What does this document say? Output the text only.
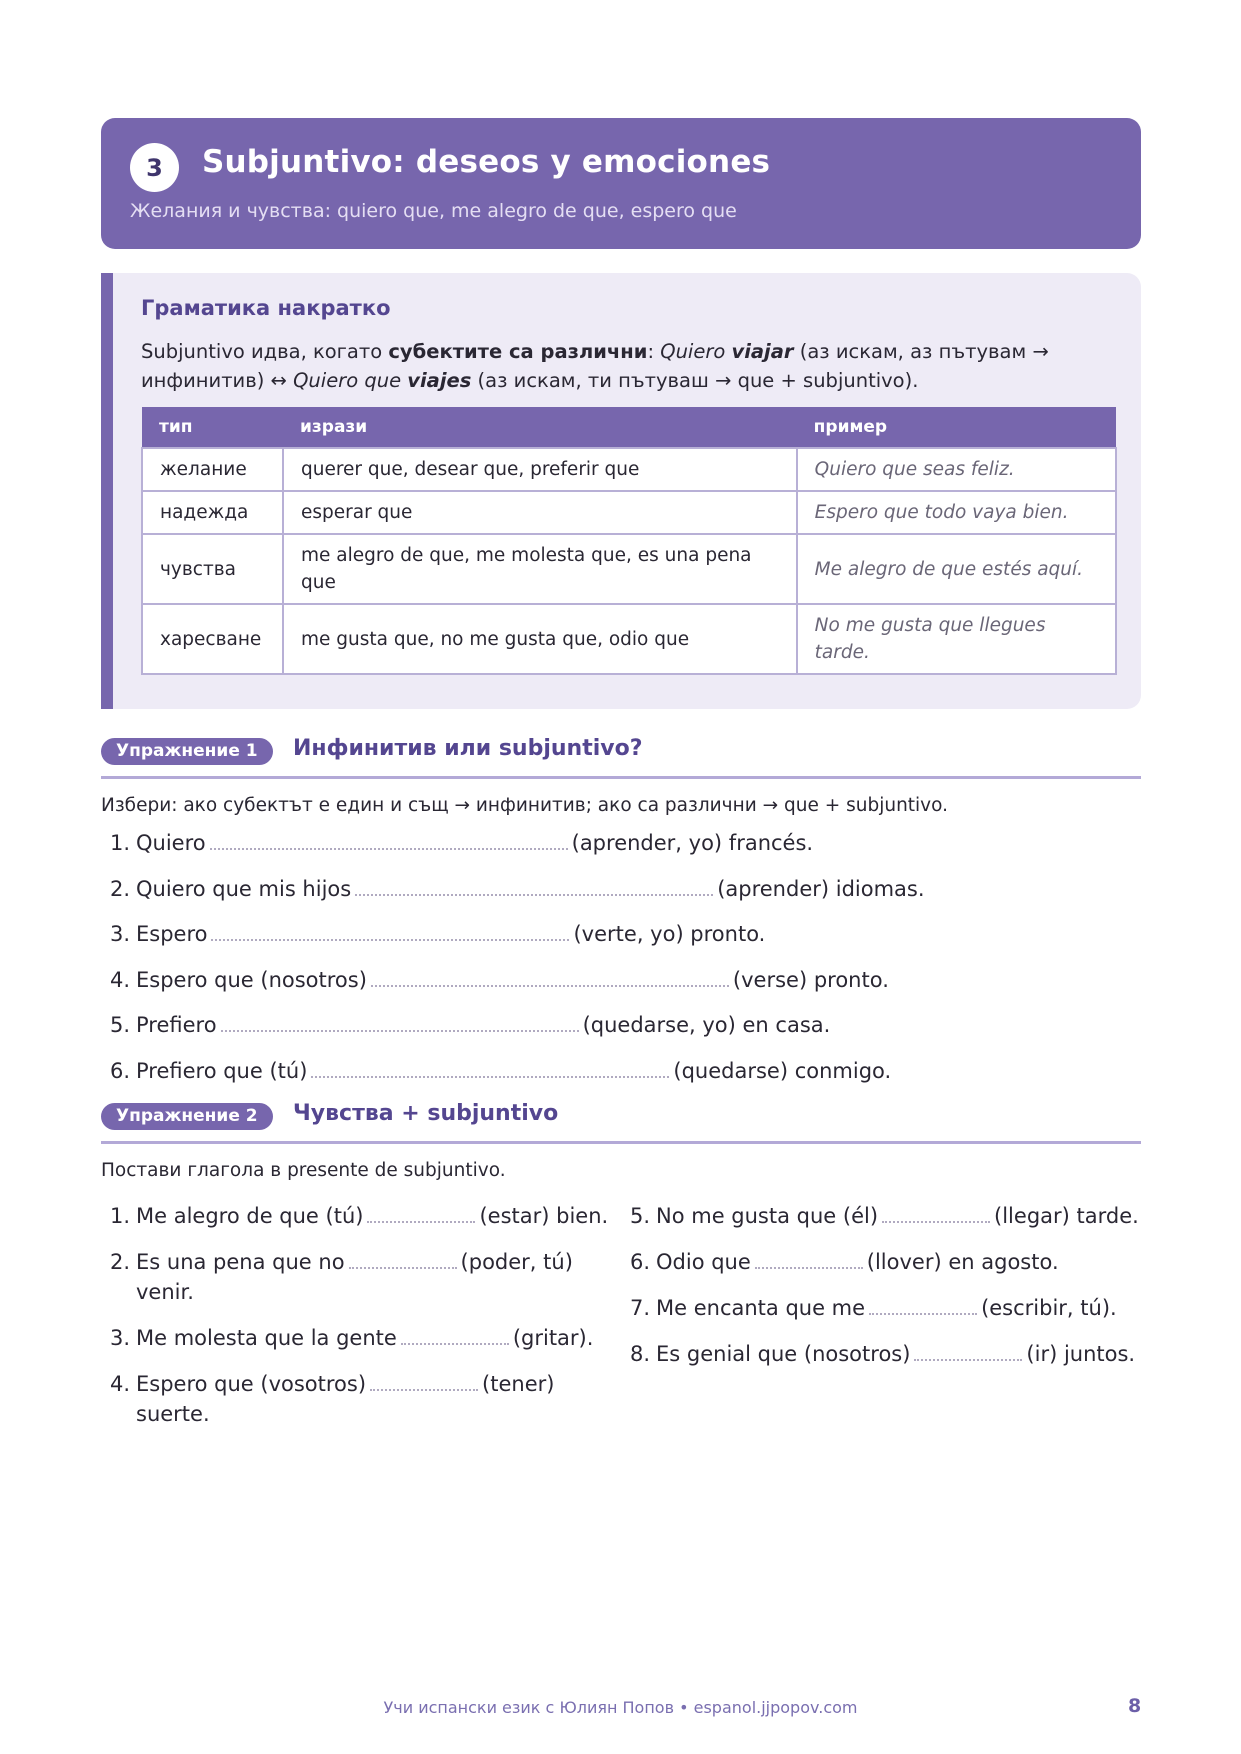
3	Subjuntivo: deseos y emociones
Желания и чувства: quiero que, me alegro de que, espero que
Граматика накратко
Subjuntivo идва, когато субектите са различни: Quiero viajar (аз искам, аз пътувам → инфинитив) ↔ Quiero que viajes (аз искам, ти пътуваш → que + subjuntivo).
тип	изрази	пример
желание	querer que, desear que, preferir que	Quiero que seas feliz.
надежда	esperar que	Espero que todo vaya bien.
чувства	me alegro de que, me molesta que, es una pena que	Me alegro de que estés aquí.
харесване	me gusta que, no me gusta que, odio que	No me gusta que llegues tarde.
Упражнение 1	Инфинитив или subjuntivo?
Избери: ако субектът е един и същ → инфинитив; ако са различни → que + subjuntivo.
1. Quiero	(aprender, yo) francés.
2. Quiero que mis hijos	(aprender) idiomas.
3. Espero	(verte, yo) pronto.
4. Espero que (nosotros)	(verse) pronto.
5. Prefiero	(quedarse, yo) en casa.
6. Prefiero que (tú)	(quedarse) conmigo.
Упражнение 2	Чувства + subjuntivo
Постави глагола в presente de subjuntivo.
1. Me alegro de que (tú)	(estar) bien.
2. Es una pena que no	(poder, tú) venir.
3. Me molesta que la gente	(gritar).
4. Espero que (vosotros)	(tener) suerte.
5. No me gusta que (él)	(llegar) tarde.
6. Odio que	(llover) en agosto.
7. Me encanta que me	(escribir, tú).
8. Es genial que (nosotros)	(ir) juntos.
Учи испански език с Юлиян Попов • espanol.jjpopov.com	8
